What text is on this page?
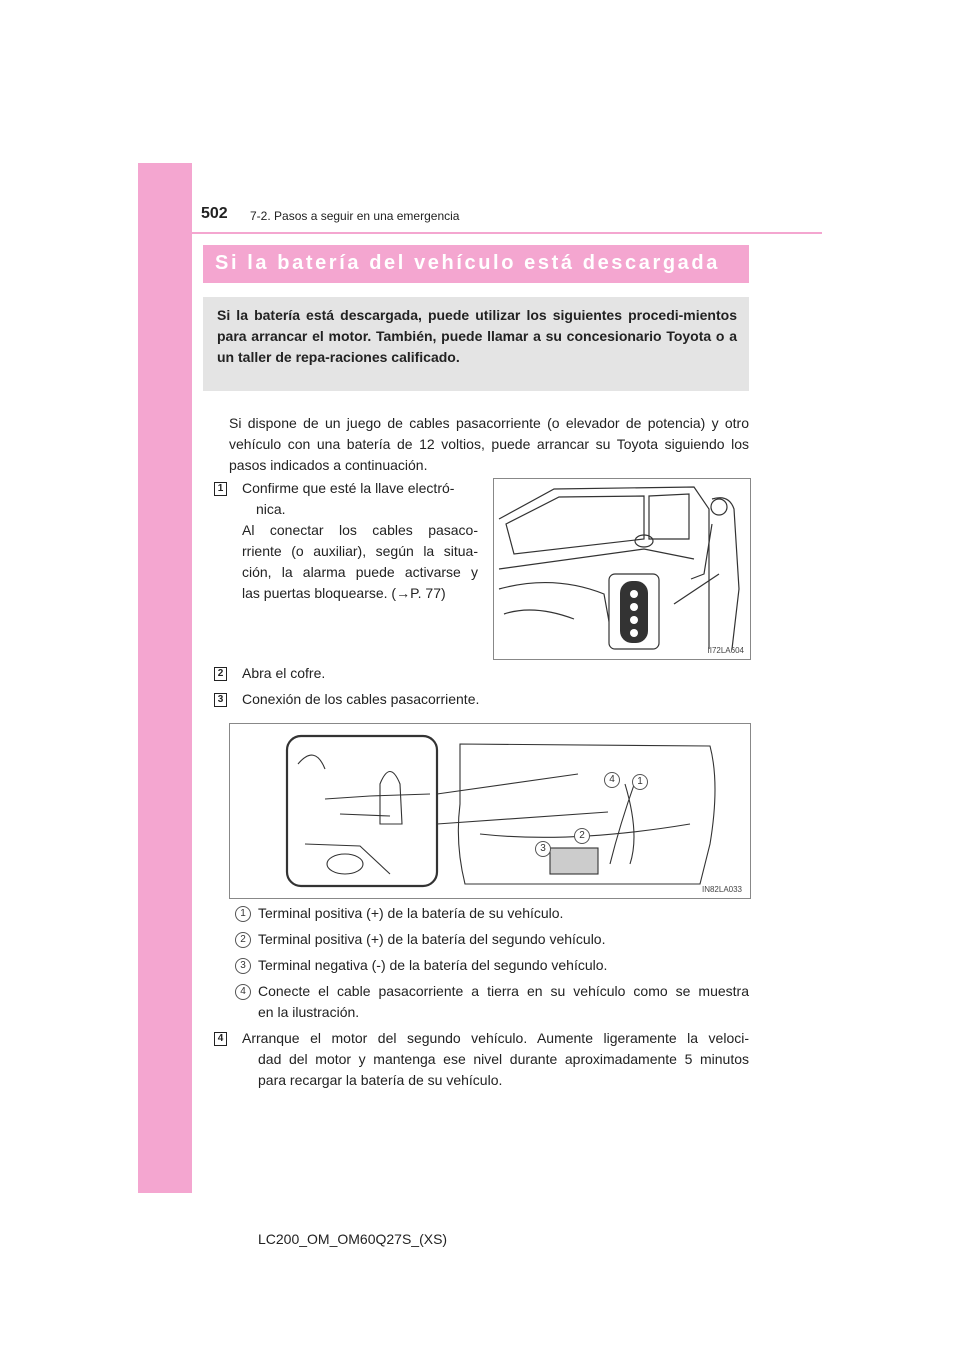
502 7-2. Pasos a seguir en una emergencia
Si la batería del vehículo está descargada

Si la batería está descargada, puede utilizar los siguientes procedi-mientos para arrancar el motor. También, puede llamar a su concesionario Toyota o a un taller de repa-raciones calificado.

Si dispone de un juego de cables pasacorriente (o elevador de potencia) y otro vehículo con una batería de 12 voltios, puede arrancar su Toyota siguiendo los pasos indicados a continuación.

1 Confirme que esté la llave electró-
nica.
Al conectar los cables pasaco-
rriente (o auxiliar), según la situa-
ción, la alarma puede activarse y
las puertas bloquearse. (→P. 77)
II72LA604
2 Abra el cofre.
3 Conexión de los cables pasacorriente.
1
2
3
4
IN82LA033
1 Terminal positiva (+) de la batería de su vehículo.
2 Terminal positiva (+) de la batería del segundo vehículo.
3 Terminal negativa (-) de la batería del segundo vehículo.
4 Conecte el cable pasacorriente a tierra en su vehículo como se muestra
en la ilustración.
4 Arranque el motor del segundo vehículo. Aumente ligeramente la veloci-
dad del motor y mantenga ese nivel durante aproximadamente 5 minutos
para recargar la batería de su vehículo.
LC200_OM_OM60Q27S_(XS)
